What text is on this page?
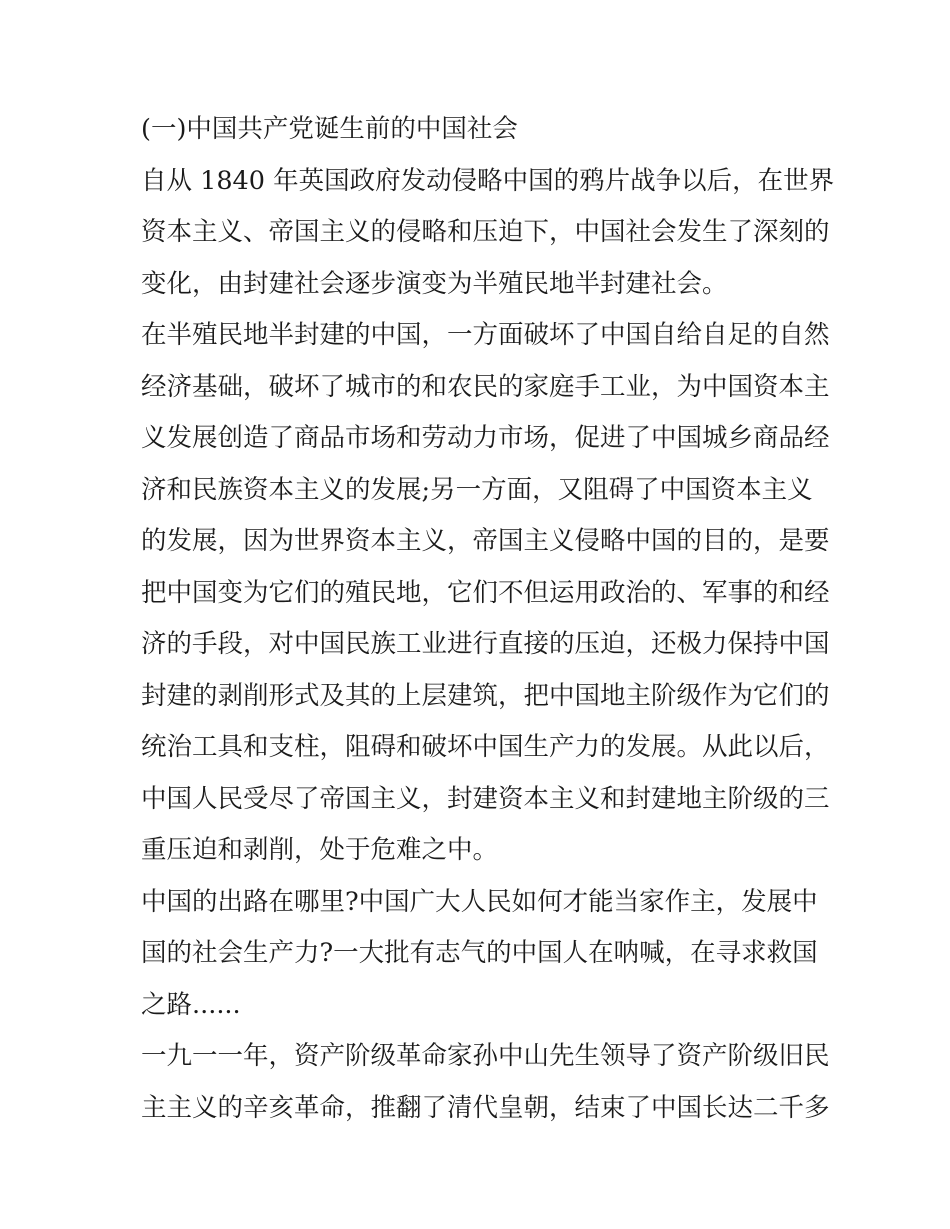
(一)中国共产党诞生前的中国社会

自从 1840 年英国政府发动侵略中国的鸦片战争以后，在世界
资本主义、帝国主义的侵略和压迫下，中国社会发生了深刻的
变化，由封建社会逐步演变为半殖民地半封建社会。

在半殖民地半封建的中国，一方面破坏了中国自给自足的自然
经济基础，破坏了城市的和农民的家庭手工业，为中国资本主
义发展创造了商品市场和劳动力市场，促进了中国城乡商品经
济和民族资本主义的发展;另一方面，又阻碍了中国资本主义
的发展，因为世界资本主义，帝国主义侵略中国的目的，是要
把中国变为它们的殖民地，它们不但运用政治的、军事的和经
济的手段，对中国民族工业进行直接的压迫，还极力保持中国
封建的剥削形式及其的上层建筑，把中国地主阶级作为它们的
统治工具和支柱，阻碍和破坏中国生产力的发展。从此以后，
中国人民受尽了帝国主义，封建资本主义和封建地主阶级的三
重压迫和剥削，处于危难之中。

中国的出路在哪里?中国广大人民如何才能当家作主，发展中
国的社会生产力?一大批有志气的中国人在呐喊，在寻求救国
之路......

一九一一年，资产阶级革命家孙中山先生领导了资产阶级旧民
主主义的辛亥革命，推翻了清代皇朝，结束了中国长达二千多
